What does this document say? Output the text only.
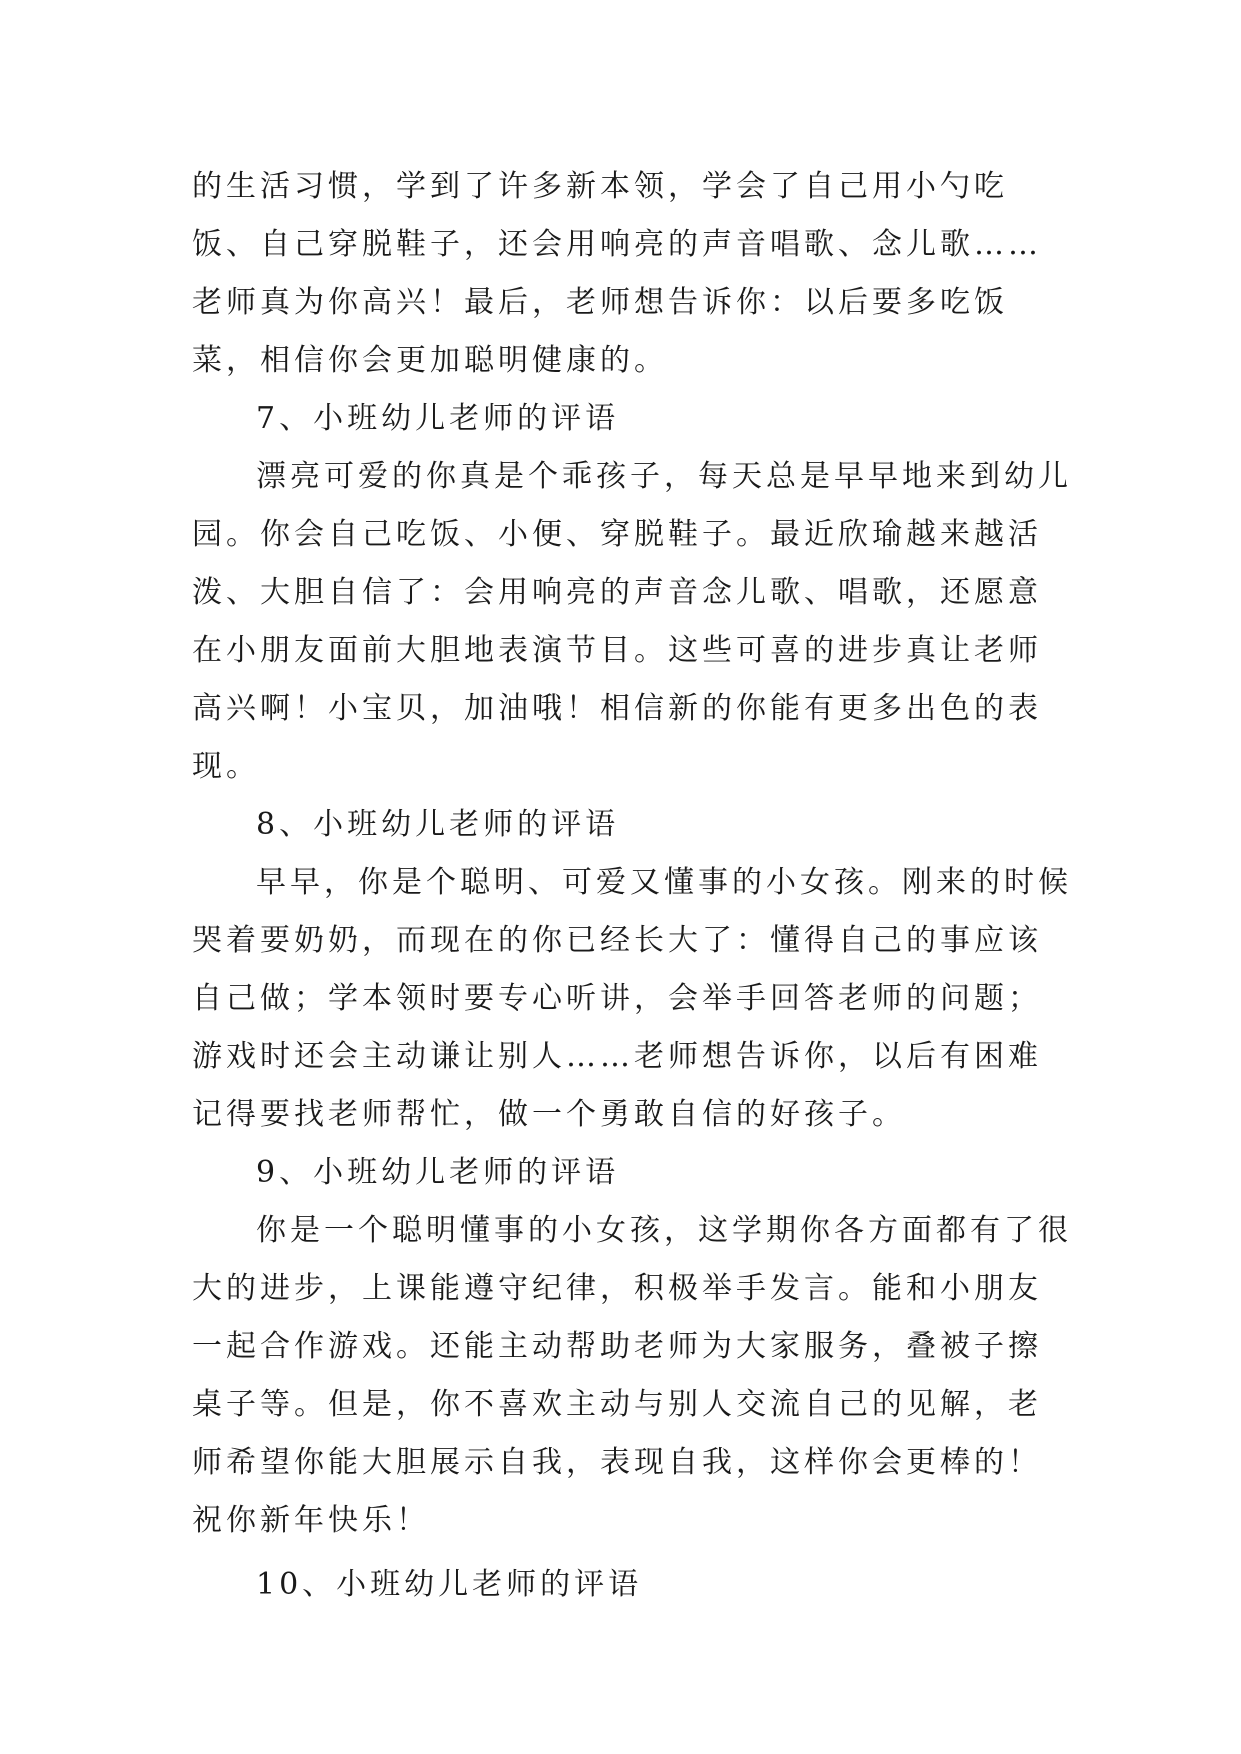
的生活习惯，学到了许多新本领，学会了自己用小勺吃饭、自己穿脱鞋子，还会用响亮的声音唱歌、念儿歌……老师真为你高兴！最后，老师想告诉你：以后要多吃饭菜，相信你会更加聪明健康的。

7、小班幼儿老师的评语

漂亮可爱的你真是个乖孩子，每天总是早早地来到幼儿园。你会自己吃饭、小便、穿脱鞋子。最近欣瑜越来越活泼、大胆自信了：会用响亮的声音念儿歌、唱歌，还愿意在小朋友面前大胆地表演节目。这些可喜的进步真让老师高兴啊！小宝贝，加油哦！相信新的你能有更多出色的表现。

8、小班幼儿老师的评语

早早，你是个聪明、可爱又懂事的小女孩。刚来的时候哭着要奶奶，而现在的你已经长大了：懂得自己的事应该自己做；学本领时要专心听讲，会举手回答老师的问题；游戏时还会主动谦让别人……老师想告诉你，以后有困难记得要找老师帮忙，做一个勇敢自信的好孩子。

9、小班幼儿老师的评语

你是一个聪明懂事的小女孩，这学期你各方面都有了很大的进步，上课能遵守纪律，积极举手发言。能和小朋友一起合作游戏。还能主动帮助老师为大家服务，叠被子擦桌子等。但是，你不喜欢主动与别人交流自己的见解，老师希望你能大胆展示自我，表现自我，这样你会更棒的！祝你新年快乐！

10、小班幼儿老师的评语
